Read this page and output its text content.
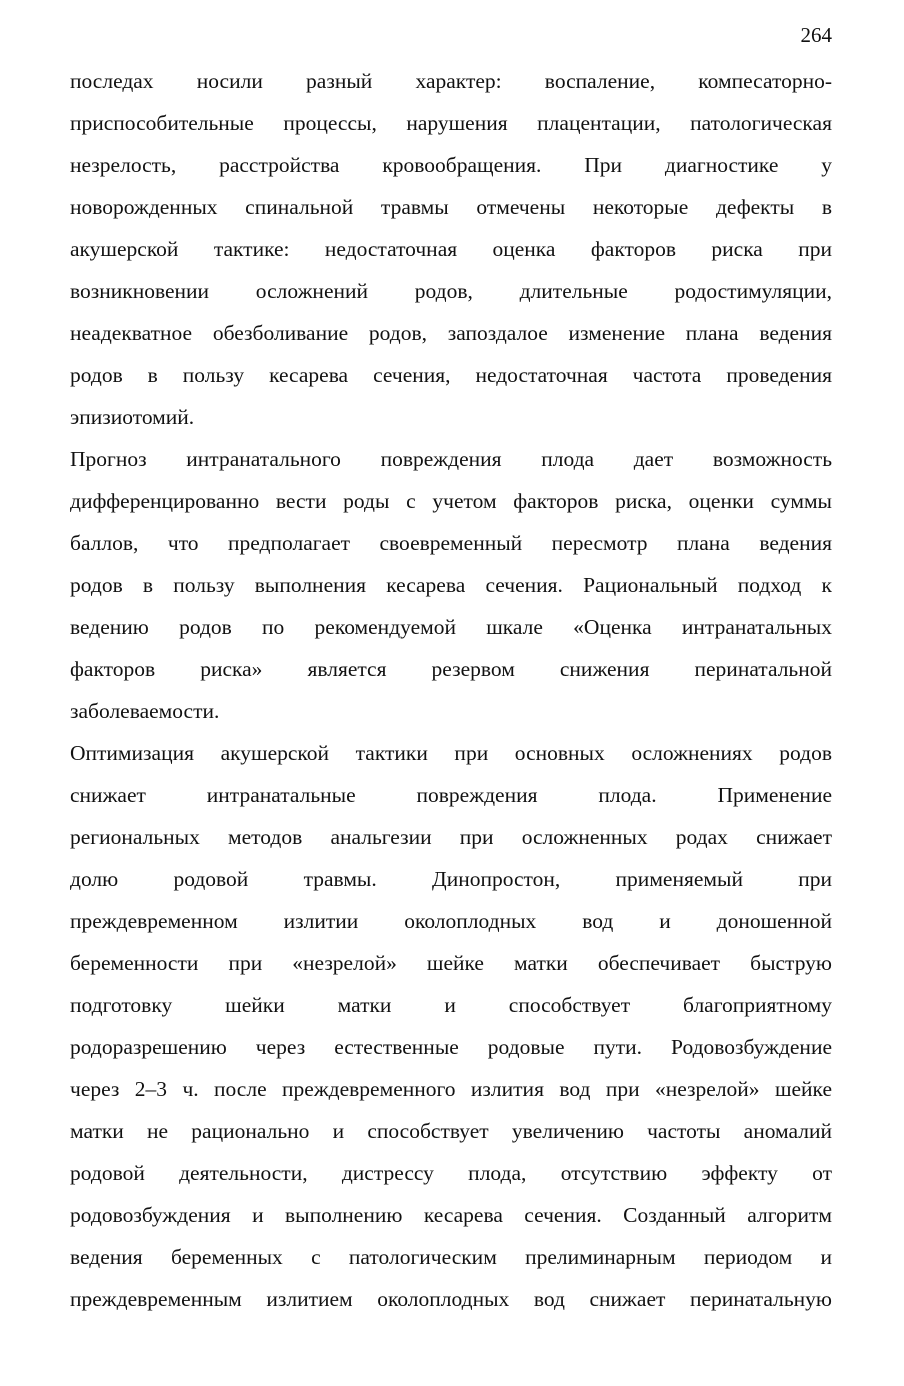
264
последах носили разный характер: воспаление, компесаторно-
приспособительные процессы, нарушения плацентации, патологическая
незрелость, расстройства кровообращения. При диагностике у
новорожденных спинальной травмы отмечены некоторые дефекты в
акушерской тактике: недостаточная оценка факторов риска при
возникновении осложнений родов, длительные родостимуляции,
неадекватное обезболивание родов, запоздалое изменение плана ведения
родов в пользу кесарева сечения, недостаточная частота проведения
эпизиотомий.
Прогноз интранатального повреждения плода дает возможность
дифференцированно вести роды с учетом факторов риска, оценки суммы
баллов, что предполагает своевременный пересмотр плана ведения
родов в пользу выполнения кесарева сечения. Рациональный подход к
ведению родов по рекомендуемой шкале «Оценка интранатальных
факторов риска» является резервом снижения перинатальной
заболеваемости.
Оптимизация акушерской тактики при основных осложнениях родов
снижает интранатальные повреждения плода. Применение
региональных методов анальгезии при осложненных родах снижает
долю родовой травмы. Динопростон, применяемый при
преждевременном излитии околоплодных вод и доношенной
беременности при «незрелой» шейке матки обеспечивает быструю
подготовку шейки матки и способствует благоприятному
родоразрешению через естественные родовые пути. Родовозбуждение
через 2–3 ч. после преждевременного излития вод при «незрелой» шейке
матки не рационально и способствует увеличению частоты аномалий
родовой деятельности, дистрессу плода, отсутствию эффекту от
родовозбуждения и выполнению кесарева сечения. Созданный алгоритм
ведения беременных с патологическим прелиминарным периодом и
преждевременным излитием околоплодных вод снижает перинатальную
